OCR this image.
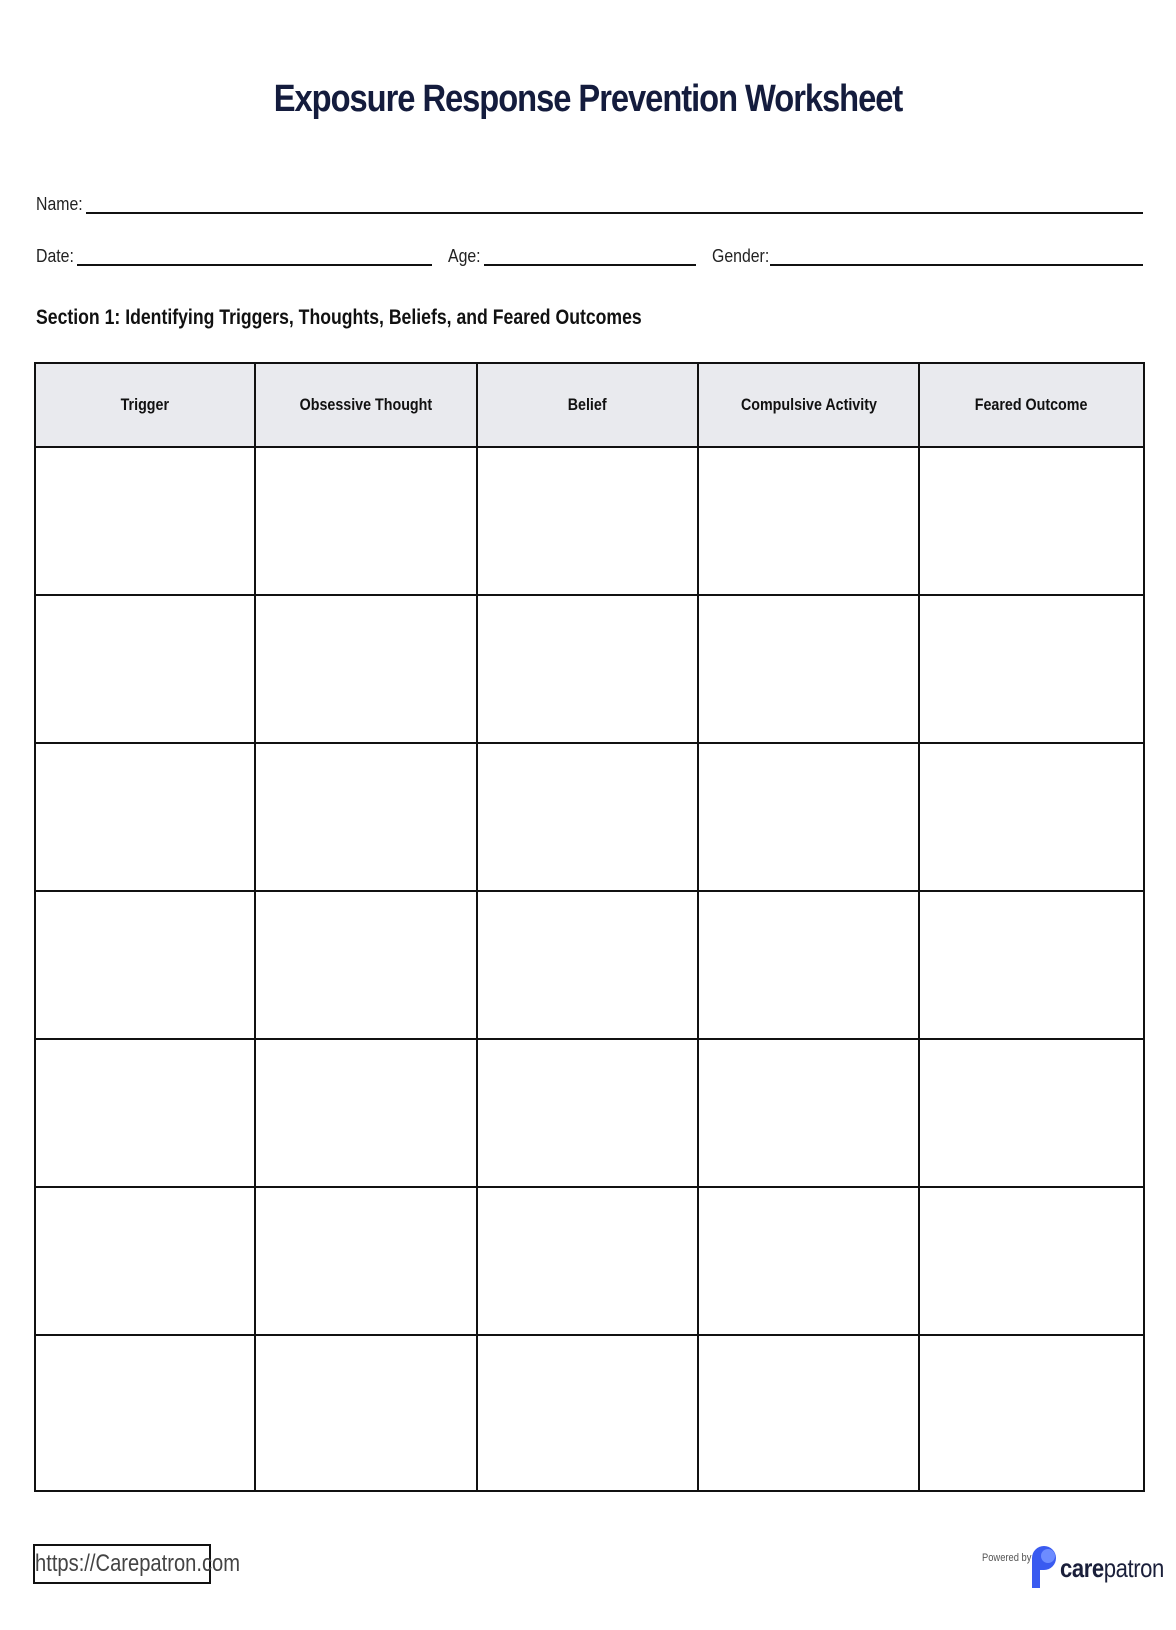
Exposure Response Prevention Worksheet
Name:
Date:	Age:	Gender:
Section 1: Identifying Triggers, Thoughts, Beliefs, and Feared Outcomes
Trigger	Obsessive Thought	Belief	Compulsive Activity	Feared Outcome

https://Carepatron.com	Powered by carepatron
